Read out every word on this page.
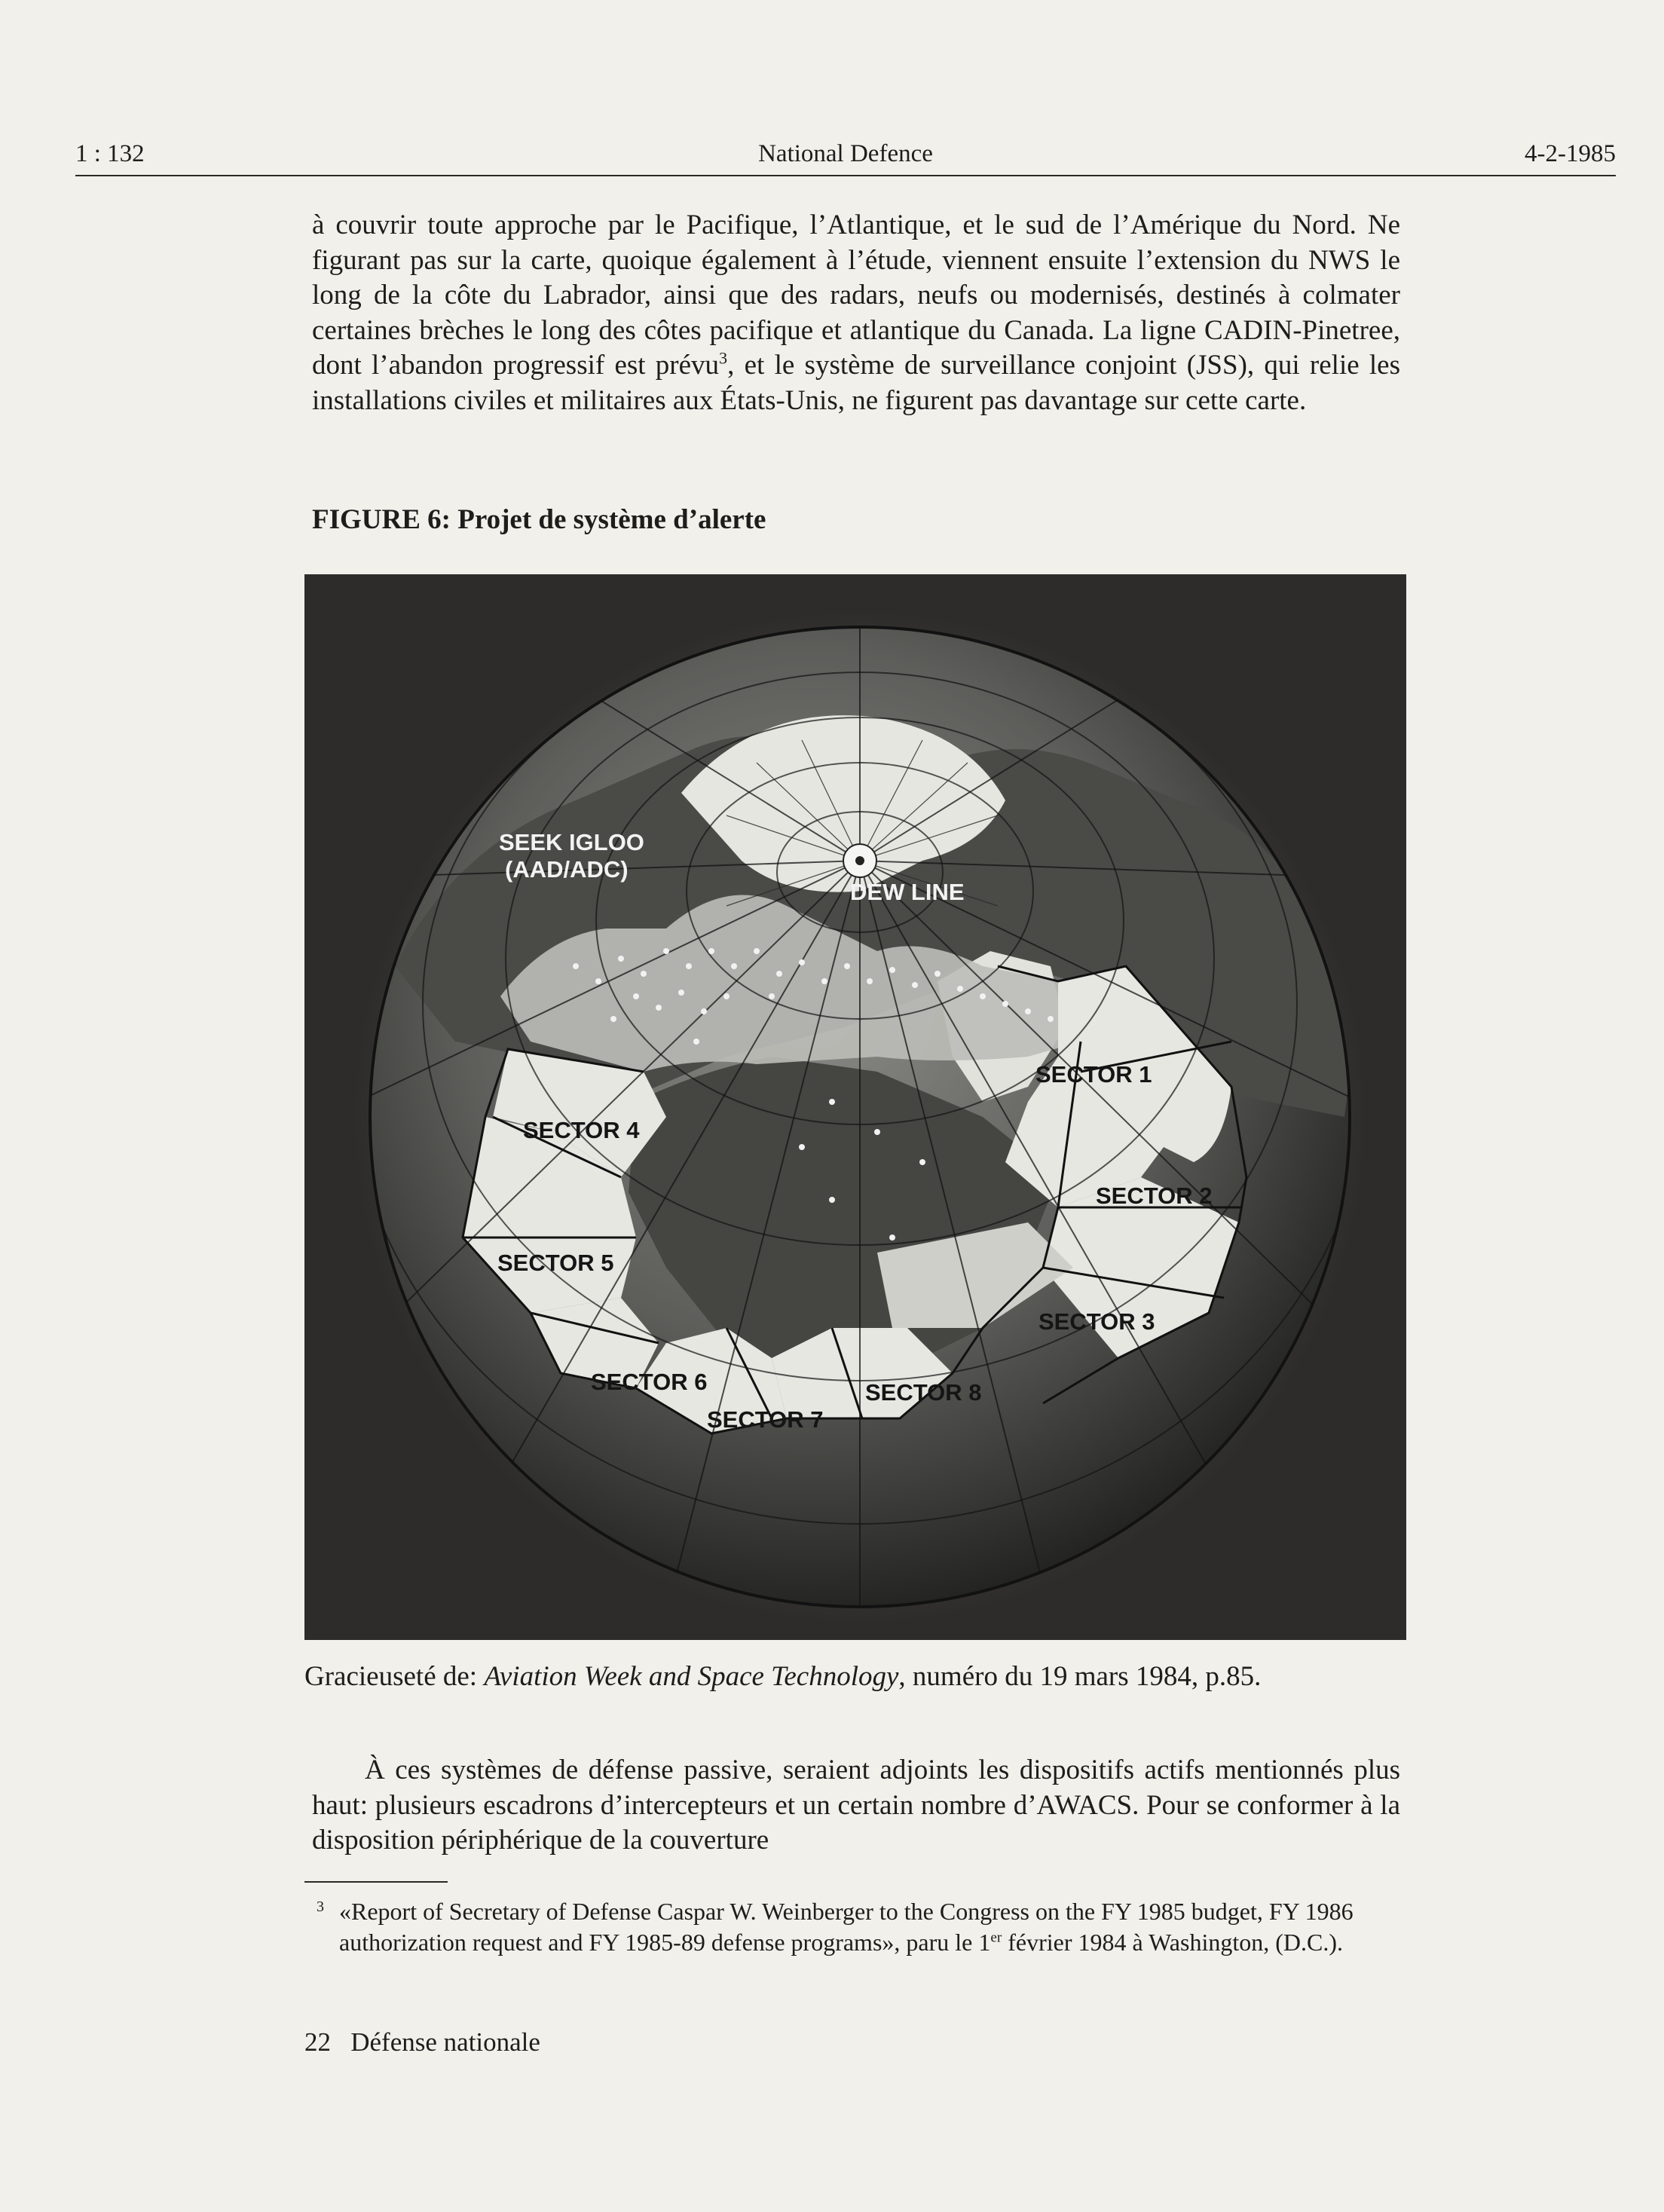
National Defence
1 : 132	4-2-1985
à couvrir toute approche par le Pacifique, l’Atlantique, et le sud de l’Amérique du Nord. Ne figurant pas sur la carte, quoique également à l’étude, viennent ensuite l’extension du NWS le long de la côte du Labrador, ainsi que des radars, neufs ou modernisés, destinés à colmater certaines brèches le long des côtes pacifique et atlantique du Canada. La ligne CADIN-Pinetree, dont l’abandon progressif est prévu$^3$, et le système de surveillance conjoint (JSS), qui relie les installations civiles et militaires aux États-Unis, ne figurent pas davantage sur cette carte.
FIGURE 6: Projet de système d’alerte
SEEK IGLOO
(AAD/ADC)
DEW LINE
SECTOR 1
SECTOR 2
SECTOR 3
SECTOR 4
SECTOR 5
SECTOR 6
SECTOR 7
SECTOR 8
Gracieuseté de: Aviation Week and Space Technology, numéro du 19 mars 1984, p.85.
À ces systèmes de défense passive, seraient adjoints les dispositifs actifs mentionnés plus haut: plusieurs escadrons d’intercepteurs et un certain nombre d’AWACS. Pour se conformer à la disposition périphérique de la couverture
3 «Report of Secretary of Defense Caspar W. Weinberger to the Congress on the FY 1985 budget, FY 1986 authorization request and FY 1985-89 defense programs», paru le 1er février 1984 à Washington, (D.C.).
22 Défense nationale
